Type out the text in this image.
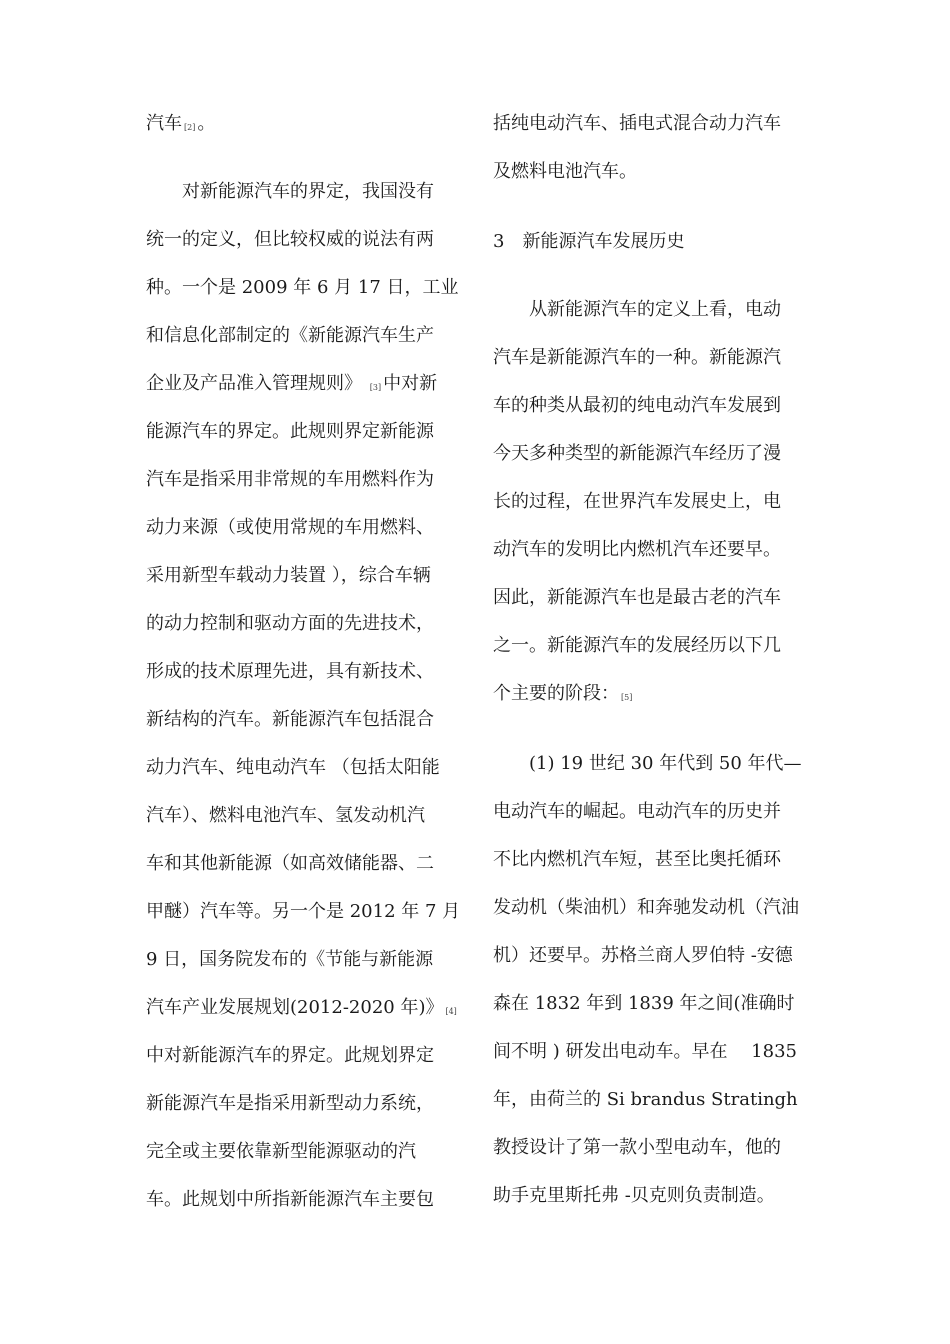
汽车 [2] 。
　　对新能源汽车的界定，我国没有
统一的定义，但比较权威的说法有两
种。一个是 2009 年 6 月 17 日，工业
和信息化部制定的《新能源汽车生产
企业及产品准入管理规则》 [3] 中对新
能源汽车的界定。此规则界定新能源
汽车是指采用非常规的车用燃料作为
动力来源（或使用常规的车用燃料、
采用新型车载动力装置 ），综合车辆
的动力控制和驱动方面的先进技术，
形成的技术原理先进，具有新技术、
新结构的汽车。新能源汽车包括混合
动力汽车、纯电动汽车 （包括太阳能
汽车）、燃料电池汽车、氢发动机汽
车和其他新能源（如高效储能器、二
甲醚）汽车等。另一个是 2012 年 7 月
9 日，国务院发布的《节能与新能源
汽车产业发展规划(2012-2020 年)》 [4]
中对新能源汽车的界定。此规划界定
新能源汽车是指采用新型动力系统，
完全或主要依靠新型能源驱动的汽
车。此规划中所指新能源汽车主要包
括纯电动汽车、插电式混合动力汽车
及燃料电池汽车。
3　新能源汽车发展历史
　　从新能源汽车的定义上看，电动
汽车是新能源汽车的一种。新能源汽
车的种类从最初的纯电动汽车发展到
今天多种类型的新能源汽车经历了漫
长的过程，在世界汽车发展史上，电
动汽车的发明比内燃机汽车还要早。
因此，新能源汽车也是最古老的汽车
之一。新能源汽车的发展经历以下几
个主要的阶段： [5]
　　(1) 19 世纪 30 年代到 50 年代—
电动汽车的崛起。电动汽车的历史并
不比内燃机汽车短，甚至比奥托循环
发动机（柴油机）和奔驰发动机（汽油
机）还要早。苏格兰商人罗伯特 -安德
森在 1832 年到 1839 年之间(准确时
间不明 ) 研发出电动车。早在　 1835
年，由荷兰的 Si brandus Stratingh
教授设计了第一款小型电动车，他的
助手克里斯托弗 -贝克则负责制造。
